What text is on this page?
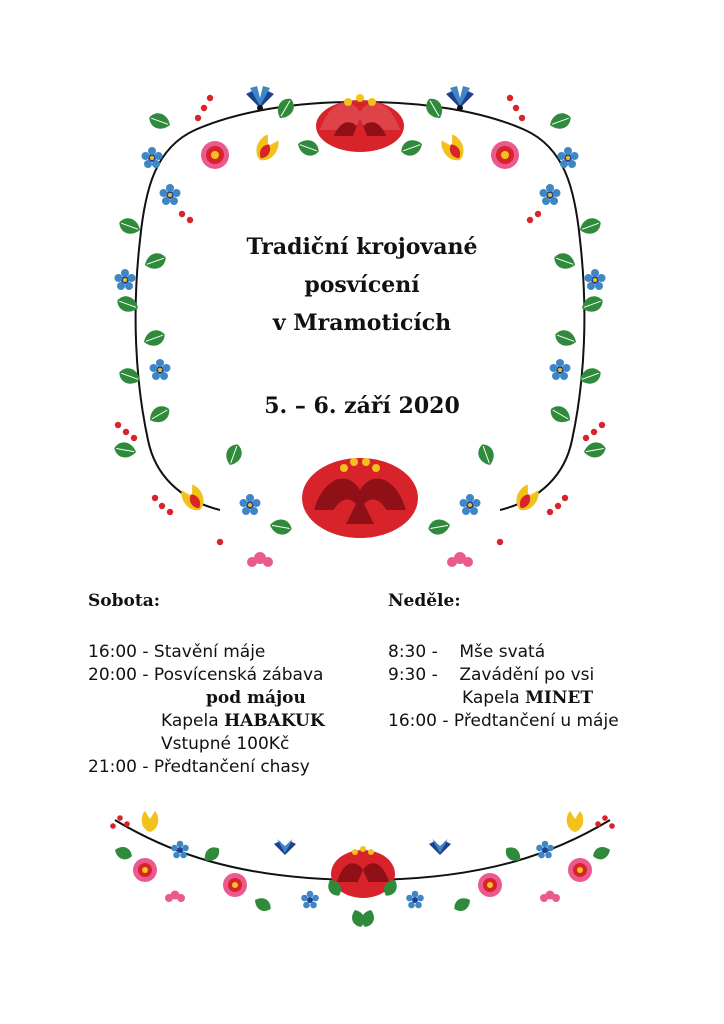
Tradiční krojované
posvícení
v Mramoticích
5. – 6. září 2020
Sobota:
16:00 - Stavění máje
20:00 - Posvícenská zábava
pod májou
Kapela HABAKUK
Vstupné 100Kč
21:00 - Předtančení chasy
Neděle:
8:30 -    Mše svatá
9:30 -    Zavádění po vsi
Kapela MINET
16:00 - Předtančení u máje
